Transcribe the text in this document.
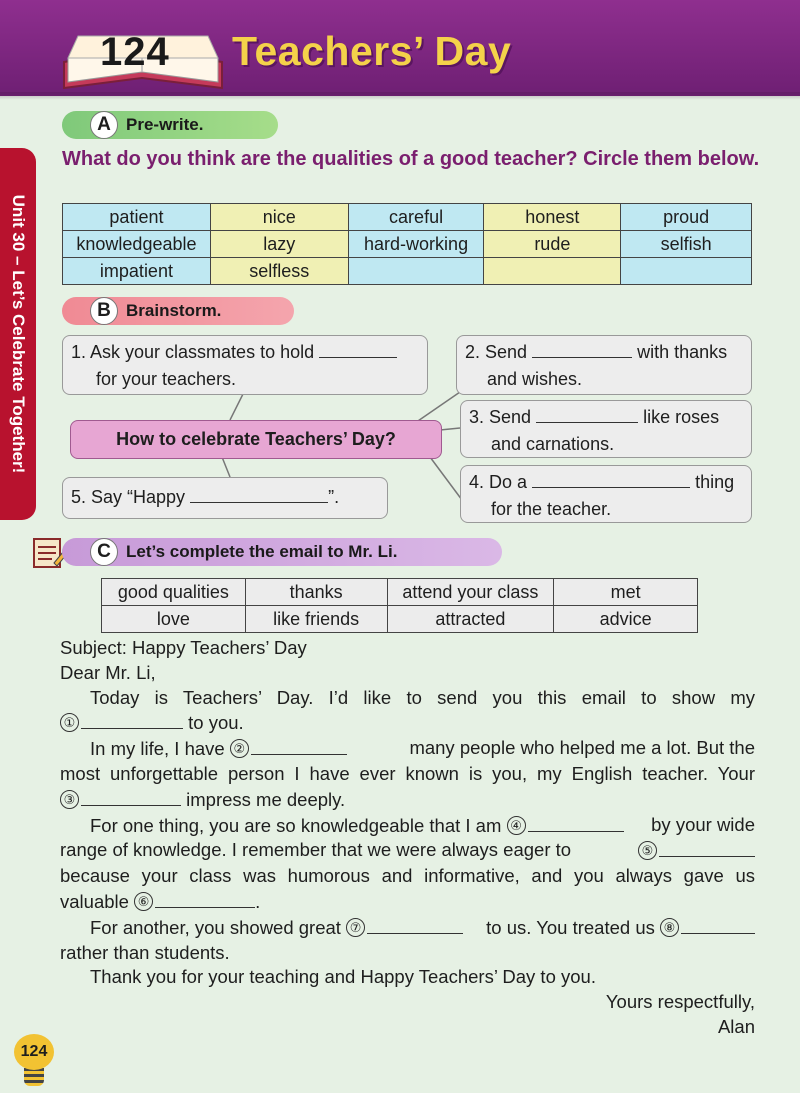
124 Teachers’ Day
Unit 30 – Let’s Celebrate Together!
A Pre-write.
What do you think are the qualities of a good teacher? Circle them below.
patient	nice	careful	honest	proud
knowledgeable	lazy	hard-working	rude	selfish
impatient	selfless			
B Brainstorm.
1. Ask your classmates to hold
for your teachers.
2. Send	with thanks
and wishes.
3. Send	like roses
and carnations.
How to celebrate Teachers’ Day?
4. Do a	thing
for the teacher.
5. Say “Happy	”.
C Let’s complete the email to Mr. Li.
good qualities	thanks	attend your class	met
love	like friends	attracted	advice
Subject: Happy Teachers’ Day
Dear Mr. Li,
Today is Teachers’ Day. I’d like to send you this email to show my
①	to you.
In my life, I have ②	many people who helped me a lot. But the
most unforgettable person I have ever known is you, my English teacher. Your
③	impress me deeply.
For one thing, you are so knowledgeable that I am ④	by your wide
range of knowledge. I remember that we were always eager to	⑤
because your class was humorous and informative, and you always gave us
valuable ⑥	.
For another, you showed great ⑦	to us. You treated us ⑧
rather than students.
Thank you for your teaching and Happy Teachers’ Day to you.
Yours respectfully,
Alan
124
